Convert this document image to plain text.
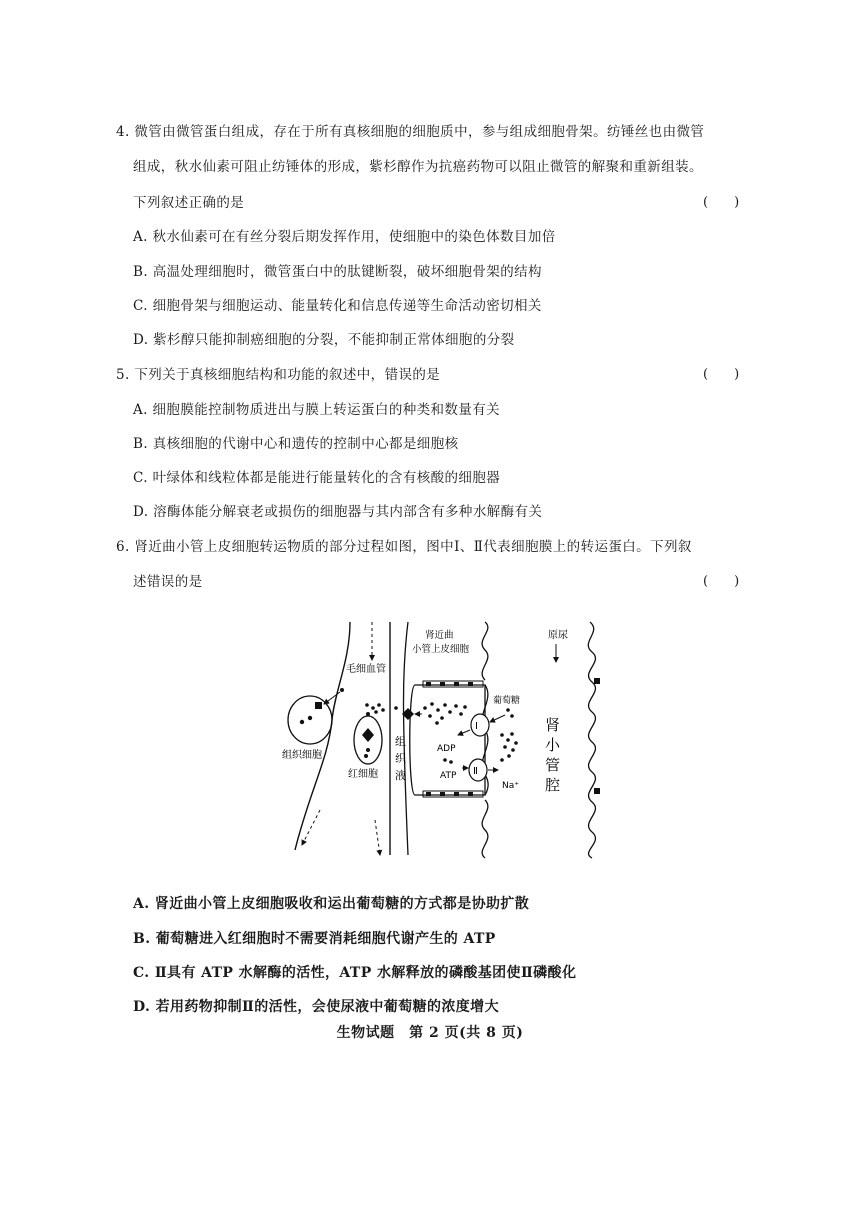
4. 微管由微管蛋白组成，存在于所有真核细胞的细胞质中，参与组成细胞骨架。纺锤丝也由微管
组成，秋水仙素可阻止纺锤体的形成，紫杉醇作为抗癌药物可以阻止微管的解聚和重新组装。
下列叙述正确的是	(　　)
A. 秋水仙素可在有丝分裂后期发挥作用，使细胞中的染色体数目加倍
B. 高温处理细胞时，微管蛋白中的肽键断裂，破坏细胞骨架的结构
C. 细胞骨架与细胞运动、能量转化和信息传递等生命活动密切相关
D. 紫杉醇只能抑制癌细胞的分裂，不能抑制正常体细胞的分裂
5. 下列关于真核细胞结构和功能的叙述中，错误的是	(　　)
A. 细胞膜能控制物质进出与膜上转运蛋白的种类和数量有关
B. 真核细胞的代谢中心和遗传的控制中心都是细胞核
C. 叶绿体和线粒体都是能进行能量转化的含有核酸的细胞器
D. 溶酶体能分解衰老或损伤的细胞器与其内部含有多种水解酶有关
6. 肾近曲小管上皮细胞转运物质的部分过程如图，图中Ⅰ、Ⅱ代表细胞膜上的转运蛋白。下列叙
述错误的是	(　　)
组织细胞
红细胞
毛细血管
组
织
液
肾近曲
小管上皮细胞
Ⅰ
葡萄糖
Ⅱ
ADP
ATP
Na⁺
原尿
肾
小
管
腔
A. 肾近曲小管上皮细胞吸收和运出葡萄糖的方式都是协助扩散
B. 葡萄糖进入红细胞时不需要消耗细胞代谢产生的 ATP
C. Ⅱ具有 ATP 水解酶的活性，ATP 水解释放的磷酸基团使Ⅱ磷酸化
D. 若用药物抑制Ⅱ的活性，会使尿液中葡萄糖的浓度增大
生物试题　第 2 页(共 8 页)
